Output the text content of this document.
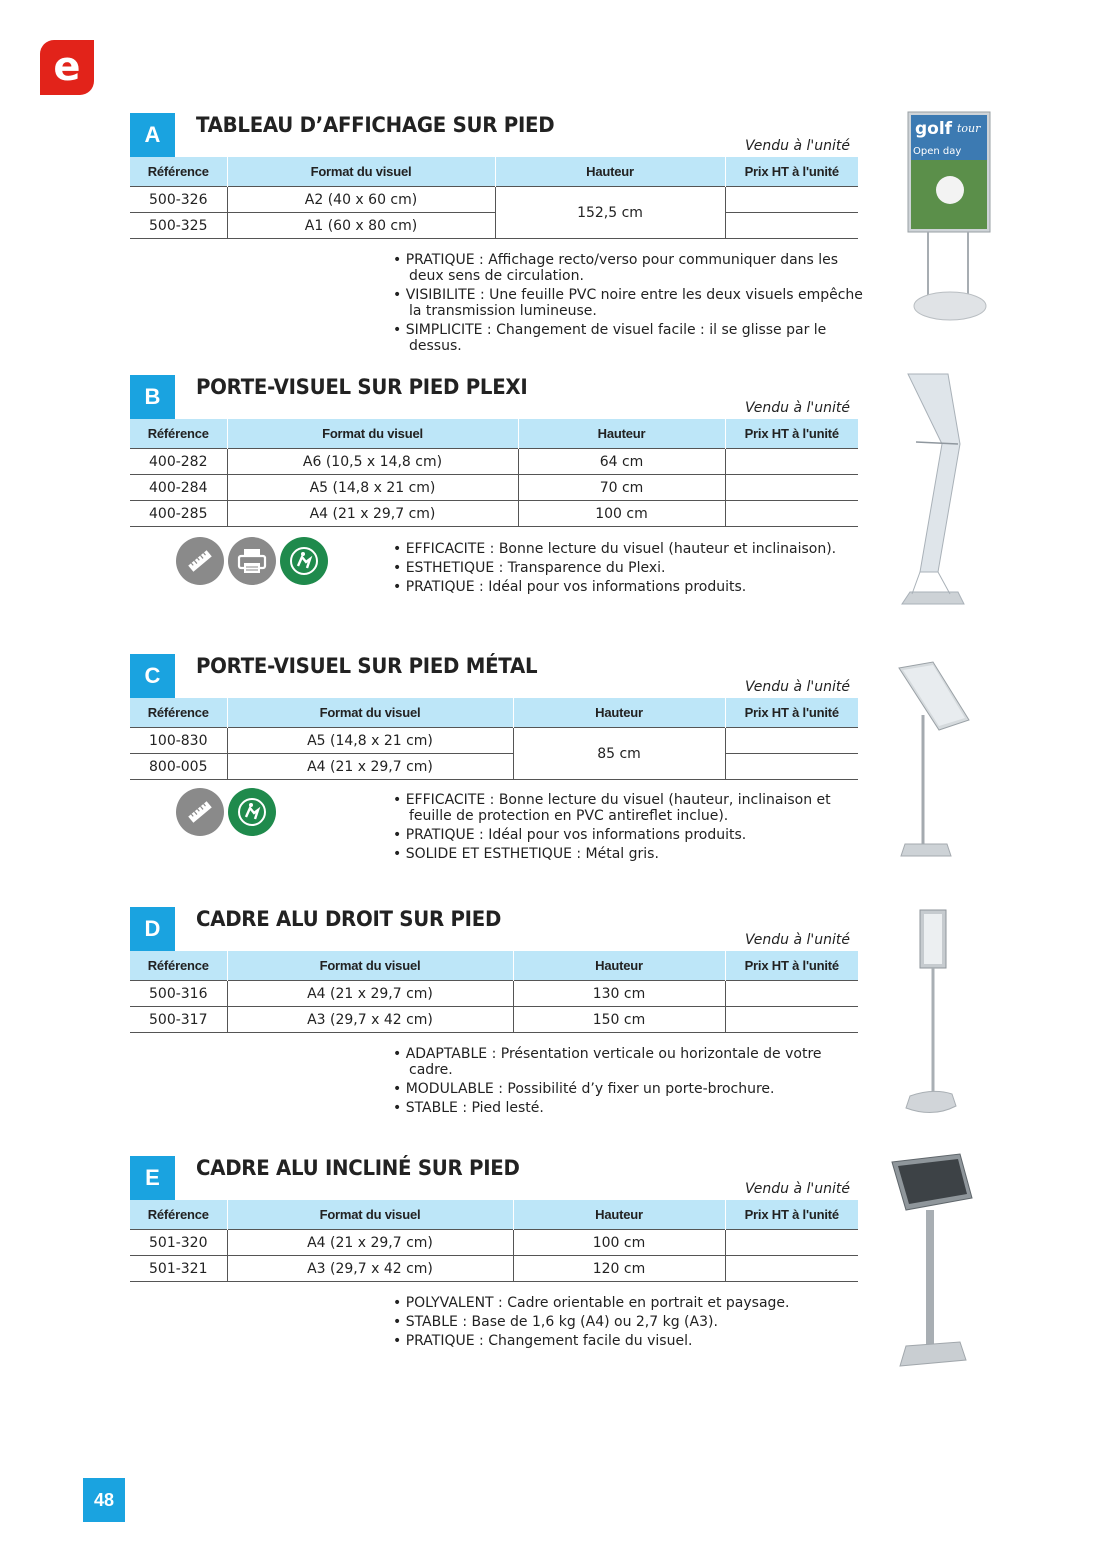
e
A	TABLEAU D’AFFICHAGE SUR PIED
Vendu à l'unité
Référence	Format du visuel	Hauteur	Prix HT à l'unité
500-326	A2 (40 x 60 cm)	152,5 cm	
500-325	A1 (60 x 80 cm)		
• PRATIQUE : Affichage recto/verso pour communiquer dans les deux sens de circulation.
• VISIBILITE : Une feuille PVC noire entre les deux visuels empêche la transmission lumineuse.
• SIMPLICITE : Changement de visuel facile : il se glisse par le dessus.
golf tour
Open day
B	PORTE-VISUEL SUR PIED PLEXI
Vendu à l'unité
Référence	Format du visuel	Hauteur	Prix HT à l'unité
400-282	A6 (10,5 x 14,8 cm)	64 cm	
400-284	A5 (14,8 x 21 cm)	70 cm	
400-285	A4 (21 x 29,7 cm)	100 cm	
• EFFICACITE : Bonne lecture du visuel (hauteur et inclinaison).
• ESTHETIQUE : Transparence du Plexi.
• PRATIQUE : Idéal pour vos informations produits.
C	PORTE-VISUEL SUR PIED MÉTAL
Vendu à l'unité
Référence	Format du visuel	Hauteur	Prix HT à l'unité
100-830	A5 (14,8 x 21 cm)	85 cm	
800-005	A4 (21 x 29,7 cm)		
• EFFICACITE : Bonne lecture du visuel (hauteur, inclinaison et feuille de protection en PVC antireflet inclue).
• PRATIQUE : Idéal pour vos informations produits.
• SOLIDE ET ESTHETIQUE : Métal gris.
D	CADRE ALU DROIT SUR PIED
Vendu à l'unité
Référence	Format du visuel	Hauteur	Prix HT à l'unité
500-316	A4 (21 x 29,7 cm)	130 cm	
500-317	A3 (29,7 x 42 cm)	150 cm	
• ADAPTABLE : Présentation verticale ou horizontale de votre cadre.
• MODULABLE : Possibilité d’y fixer un porte-brochure.
• STABLE : Pied lesté.
E	CADRE ALU INCLINÉ SUR PIED
Vendu à l'unité
Référence	Format du visuel	Hauteur	Prix HT à l'unité
501-320	A4 (21 x 29,7 cm)	100 cm	
501-321	A3 (29,7 x 42 cm)	120 cm	
• POLYVALENT : Cadre orientable en portrait et paysage.
• STABLE : Base de 1,6 kg (A4) ou 2,7 kg (A3).
• PRATIQUE : Changement facile du visuel.
48
